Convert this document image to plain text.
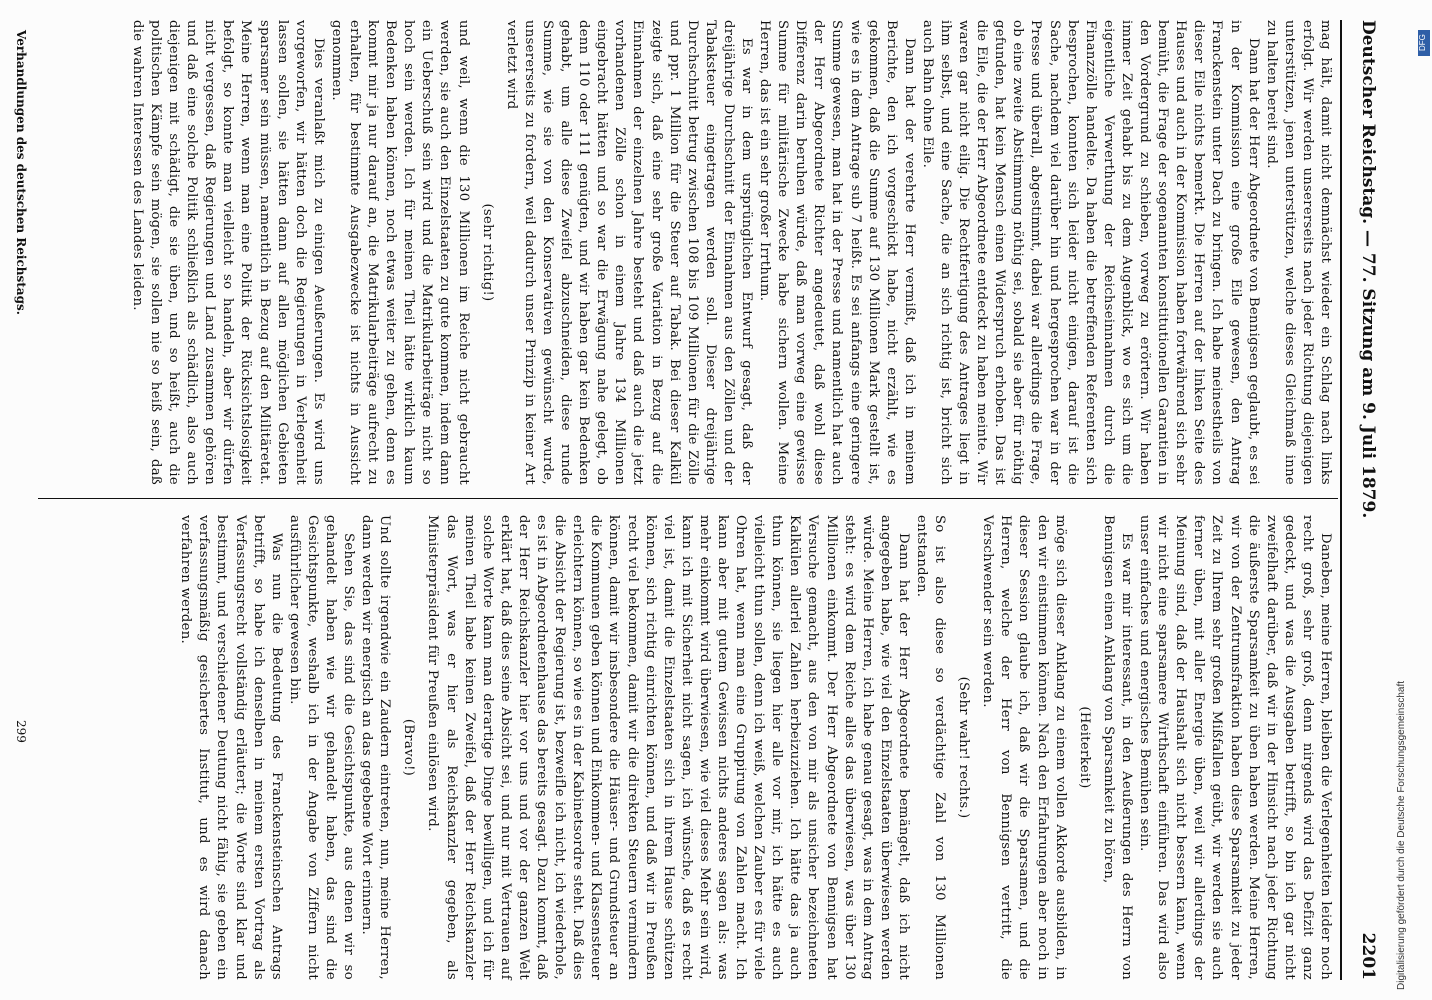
Deutscher Reichstag. — 77. Sitzung am 9. Juli 1879.
2201

mag hält, damit nicht demnächst wieder ein Schlag nach links erfolgt. Wir werden unsererseits nach jeder Richtung diejenigen unterstützen, jenen unterstützen, welche dieses Gleichmaß inne zu halten bereit sind.

Dann hat der Herr Abgeordnete von Bennigsen geglaubt, es sei in der Kommission eine große Eile gewesen, den Antrag Franckenstein unter Dach zu bringen. Ich habe meinestheils von dieser Eile nichts bemerkt. Die Herren auf der linken Seite des Hauses und auch in der Kommission haben fortwährend sich sehr bemüht, die Frage der sogenannten konstitutionellen Garantien in den Vordergrund zu schieben, vorweg zu erörtern. Wir haben immer Zeit gehabt bis zu dem Augenblick, wo es sich um die eigentliche Verwerthung der Reichseinnahmen durch die Finanzzölle handelte. Da haben die betreffenden Referenten sich besprochen, konnten sich leider nicht einigen, darauf ist die Sache, nachdem viel darüber hin und hergesprochen war in der Presse und überall, abgestimmt, dabei war allerdings die Frage, ob eine zweite Abstimmung nöthig sei, sobald sie aber für nöthig gefunden, hat kein Mensch einen Widerspruch erhoben. Das ist die Eile, die der Herr Abgeordnete entdeckt zu haben meinte. Wir waren gar nicht eilig. Die Rechtfertigung des Antrages liegt in ihm selbst, und eine Sache, die an sich richtig ist, bricht sich auch Bahn ohne Eile.

Dann hat der verehrte Herr vermißt, daß ich in meinem Berichte, den ich vorgeschickt habe, nicht erzählt, wie es gekommen, daß die Summe auf 130 Millionen Mark gestellt ist, wie es in dem Antrage sub 7 heißt. Es sei anfangs eine geringere Summe gewesen, man hat in der Presse und namentlich hat auch der Herr Abgeordnete Richter angedeutet, daß wohl diese Differenz darin beruhen würde, daß man vorweg eine gewisse Summe für militärische Zwecke habe sichern wollen. Meine Herren, das ist ein sehr großer Irrthum.

Es war in dem ursprünglichen Entwurf gesagt, daß der dreijährige Durchschnitt der Einnahmen aus den Zöllen und der Tabaksteuer eingetragen werden soll. Dieser dreijährige Durchschnitt betrug zwischen 108 bis 109 Millionen für die Zölle und ppr. 1 Million für die Steuer auf Tabak. Bei dieser Kalkül zeigte sich, daß eine sehr große Variation in Bezug auf die Einnahmen der einzelnen Jahre besteht und daß auch die jetzt vorhandenen Zölle schon in einem Jahre 134 Millionen eingebracht hätten und so war die Erwägung nahe gelegt, ob denn 110 oder 111 genügten, und wir haben gar kein Bedenken gehabt, um alle diese Zweifel abzuschneiden, diese runde Summe, wie sie von den Konservativen gewünscht wurde, unsererseits zu fordern, weil dadurch unser Prinzip in keiner Art verletzt wird

(sehr richtig!)

und weil, wenn die 130 Millionen im Reiche nicht gebraucht werden, sie auch den Einzelstaaten zu gute kommen, indem dann ein Ueberschuß sein wird und die Matrikularbeiträge nicht so hoch sein werden. Ich für meinen Theil hätte wirklich kaum Bedenken haben können, noch etwas weiter zu gehen, denn es kommt mir ja nur darauf an, die Matrikularbeiträge aufrecht zu erhalten, für bestimmte Ausgabezwecke ist nichts in Aussicht genommen.

Dies veranlaßt mich zu einigen Aeußerungen. Es wird uns vorgeworfen, wir hätten doch die Regierungen in Verlegenheit lassen sollen, sie hätten dann auf allen möglichen Gebieten sparsamer sein müssen, namentlich in Bezug auf den Militäretat. Meine Herren, wenn man eine Politik der Rücksichtslosigkeit befolgt, so konnte man vielleicht so handeln, aber wir dürfen nicht vergessen, daß Regierungen und Land zusammen gehören und daß eine solche Politik schließlich als schädlich, also auch diejenigen mit schädigt, die sie üben, und so heißt, auch die politischen Kämpfe sein mögen, sie sollen nie so heiß sein, daß die wahren Interessen des Landes leiden.

Daneben, meine Herren, bleiben die Verlegenheiten leider noch recht groß, sehr groß, denn nirgends wird das Defizit ganz gedeckt, und was die Ausgaben betrifft, so bin ich gar nicht zweifelhaft darüber, daß wir in der Hinsicht nach jeder Richtung die äußerste Sparsamkeit zu üben haben werden. Meine Herren, wir von der Zentrumsfraktion haben diese Sparsamkeit zu jeder Zeit zu Ihrem sehr großen Mißfallen geübt, wir werden sie auch ferner üben, mit aller Energie üben, weil wir allerdings der Meinung sind, daß der Haushalt sich nicht bessern kann, wenn wir nicht eine sparsamere Wirthschaft einführen. Das wird also unser einfaches und energisches Bemühen sein.

Es war mir interessant, in den Aeußerungen des Herrn von Bennigsen einen Anklang von Sparsamkeit zu hören,

(Heiterkeit)

möge sich dieser Anklang zu einem vollen Akkorde ausbilden, in den wir einstimmen können. Nach den Erfahrungen aber noch in dieser Session glaube ich, daß wir die Sparsamen, und die Herren, welche der Herr von Bennigsen vertritt, die Verschwender sein werden.

(Sehr wahr! rechts.)

So ist also diese so verdächtige Zahl von 130 Millionen entstanden.

Dann hat der Herr Abgeordnete bemängelt, daß ich nicht angegeben habe, wie viel den Einzelstaaten überwiesen werden würde. Meine Herren, ich habe genau gesagt, was in dem Antrag steht: es wird dem Reiche alles das überwiesen, was über 130 Millionen einkommt. Der Herr Abgeordnete von Bennigsen hat Versuche gemacht, aus den von mir als unsicher bezeichneten Kalkülen allerlei Zahlen herbeizuziehen. Ich hätte das ja auch thun können, sie liegen hier alle vor mir, ich hätte es auch vielleicht thun sollen, denn ich weiß, welchen Zauber es für viele Ohren hat, wenn man eine Gruppirung von Zahlen macht. Ich kann aber mit gutem Gewissen nichts anderes sagen als: was mehr einkommt wird überwiesen, wie viel dieses Mehr sein wird, kann ich mit Sicherheit nicht sagen, ich wünsche, daß es recht viel ist, damit die Einzelstaaten sich in ihrem Hause schützen können, sich richtig einrichten können, und daß wir in Preußen recht viel bekommen, damit wir die direkten Steuern vermindern können, damit wir insbesondere die Häuser- und Grundsteuer an die Kommunen geben können und Einkommen- und Klassensteuer erleichtern können, so wie es in der Kabinetsordre steht. Daß dies die Absicht der Regierung ist, bezweifle ich nicht, ich wiederhole, es ist in Abgeordnetenhause das bereits gesagt. Dazu kommt, daß der Herr Reichskanzler hier vor uns und vor der ganzen Welt erklärt hat, daß dies seine Absicht sei, und nur mit Vertrauen auf solche Worte kann man derartige Dinge bewilligen, und ich für meinen Theil habe keinen Zweifel, daß der Herr Reichskanzler das Wort, was er hier als Reichskanzler gegeben, als Ministerpräsident für Preußen einlösen wird.

(Bravo!)

Und sollte irgendwie ein Zaudern eintreten, nun, meine Herren, dann werden wir energisch an das gegebene Wort erinnern.

Sehen Sie, das sind die Gesichtspunkte, aus denen wir so gehandelt haben wie wir gehandelt haben, das sind die Gesichtspunkte, weshalb ich in der Angabe von Ziffern nicht ausführlicher gewesen bin.

Was nun die Bedeutung des Franckensteinschen Antrags betrifft, so habe ich denselben in meinem ersten Vortrag als Verfassungsrecht vollständig erläutert; die Worte sind klar und bestimmt, und verschiedener Deutung nicht fähig, sie geben ein verfassungsmäßig gesichertes Institut, und es wird danach verfahren werden.

Verhandlungen des deutschen Reichstags.
299	Digitalisierung gefördert durch die Deutsche Forschungsgemeinschaft
DFG
